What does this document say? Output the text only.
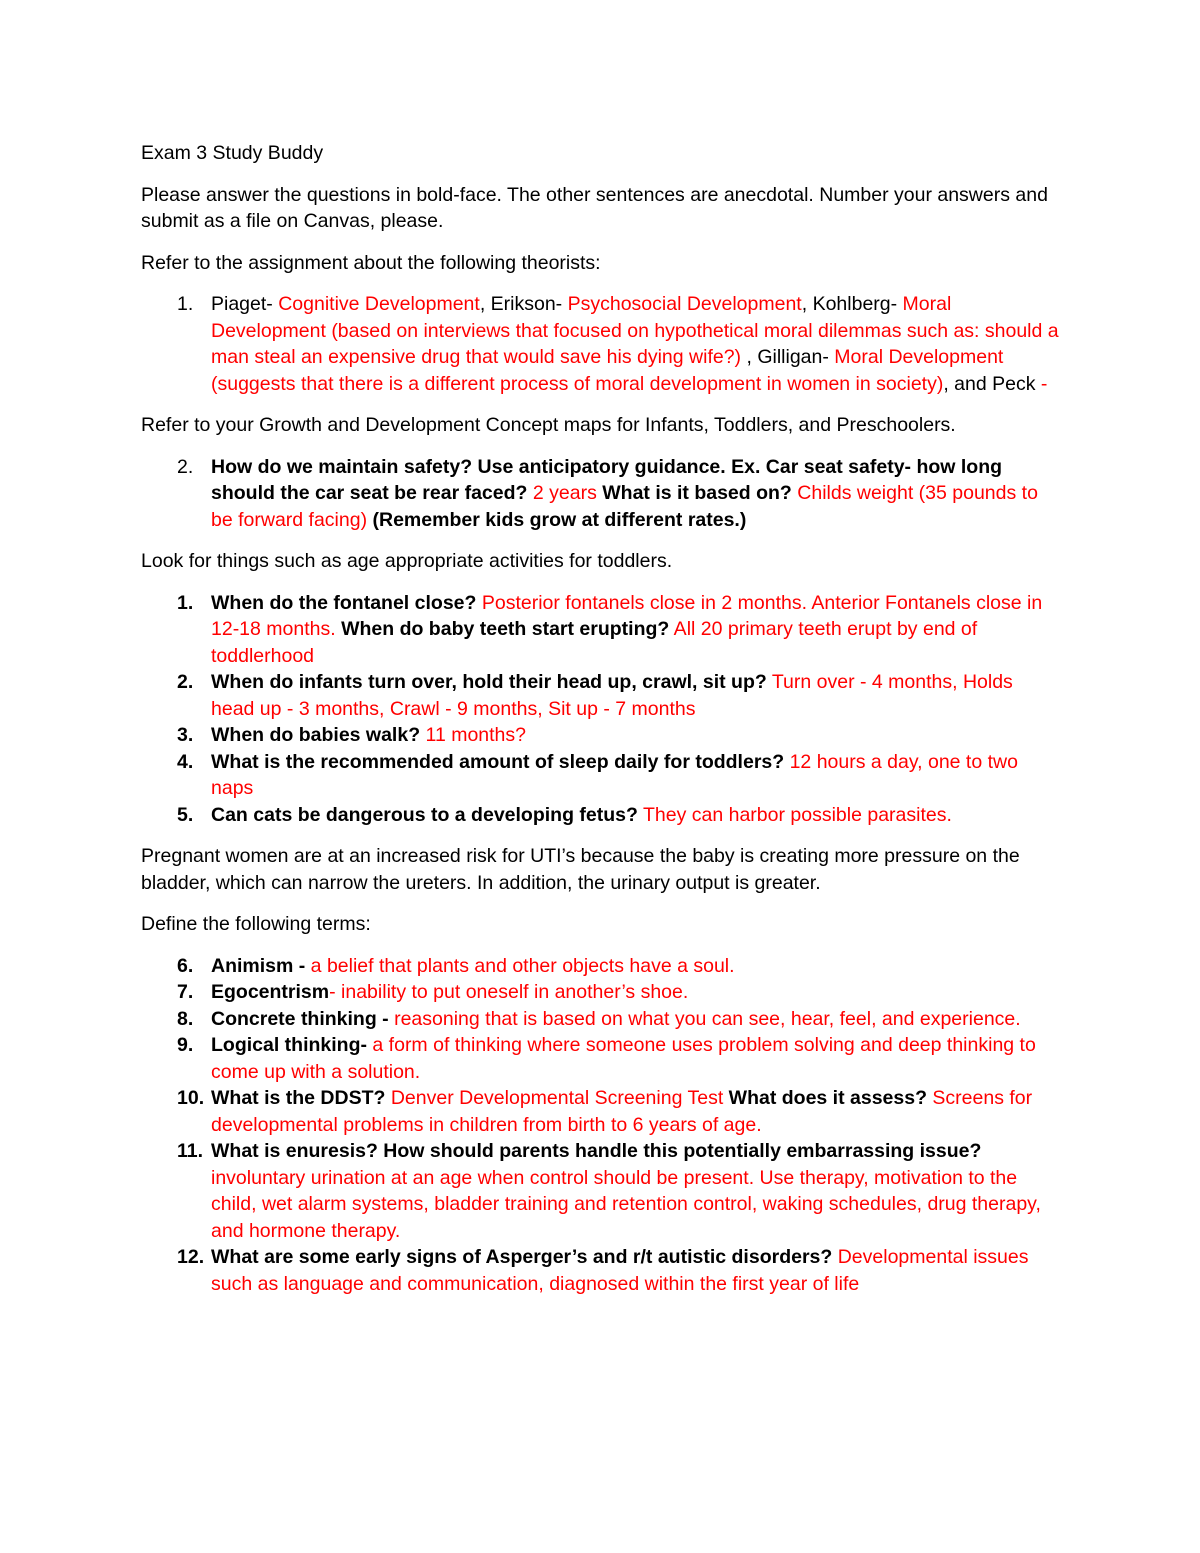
Exam 3 Study Buddy

Please answer the questions in bold-face. The other sentences are anecdotal. Number your answers and submit as a file on Canvas, please.

Refer to the assignment about the following theorists:

1. Piaget- Cognitive Development, Erikson- Psychosocial Development, Kohlberg- Moral Development (based on interviews that focused on hypothetical moral dilemmas such as: should a man steal an expensive drug that would save his dying wife?) , Gilligan- Moral Development (suggests that there is a different process of moral development in women in society), and Peck -

Refer to your Growth and Development Concept maps for Infants, Toddlers, and Preschoolers.

2. How do we maintain safety? Use anticipatory guidance. Ex. Car seat safety- how long should the car seat be rear faced? 2 years What is it based on? Childs weight (35 pounds to be forward facing) (Remember kids grow at different rates.)

Look for things such as age appropriate activities for toddlers.

1. When do the fontanel close? Posterior fontanels close in 2 months. Anterior Fontanels close in 12-18 months. When do baby teeth start erupting? All 20 primary teeth erupt by end of toddlerhood
2. When do infants turn over, hold their head up, crawl, sit up? Turn over - 4 months, Holds head up - 3 months, Crawl - 9 months, Sit up - 7 months
3. When do babies walk? 11 months?
4. What is the recommended amount of sleep daily for toddlers? 12 hours a day, one to two naps
5. Can cats be dangerous to a developing fetus? They can harbor possible parasites.

Pregnant women are at an increased risk for UTI’s because the baby is creating more pressure on the bladder, which can narrow the ureters. In addition, the urinary output is greater.

Define the following terms:

6. Animism - a belief that plants and other objects have a soul.
7. Egocentrism- inability to put oneself in another’s shoe.
8. Concrete thinking - reasoning that is based on what you can see, hear, feel, and experience.
9. Logical thinking- a form of thinking where someone uses problem solving and deep thinking to come up with a solution.
10. What is the DDST? Denver Developmental Screening Test What does it assess? Screens for developmental problems in children from birth to 6 years of age.
11. What is enuresis? How should parents handle this potentially embarrassing issue? involuntary urination at an age when control should be present. Use therapy, motivation to the child, wet alarm systems, bladder training and retention control, waking schedules, drug therapy, and hormone therapy.
12. What are some early signs of Asperger’s and r/t autistic disorders? Developmental issues such as language and communication, diagnosed within the first year of life
